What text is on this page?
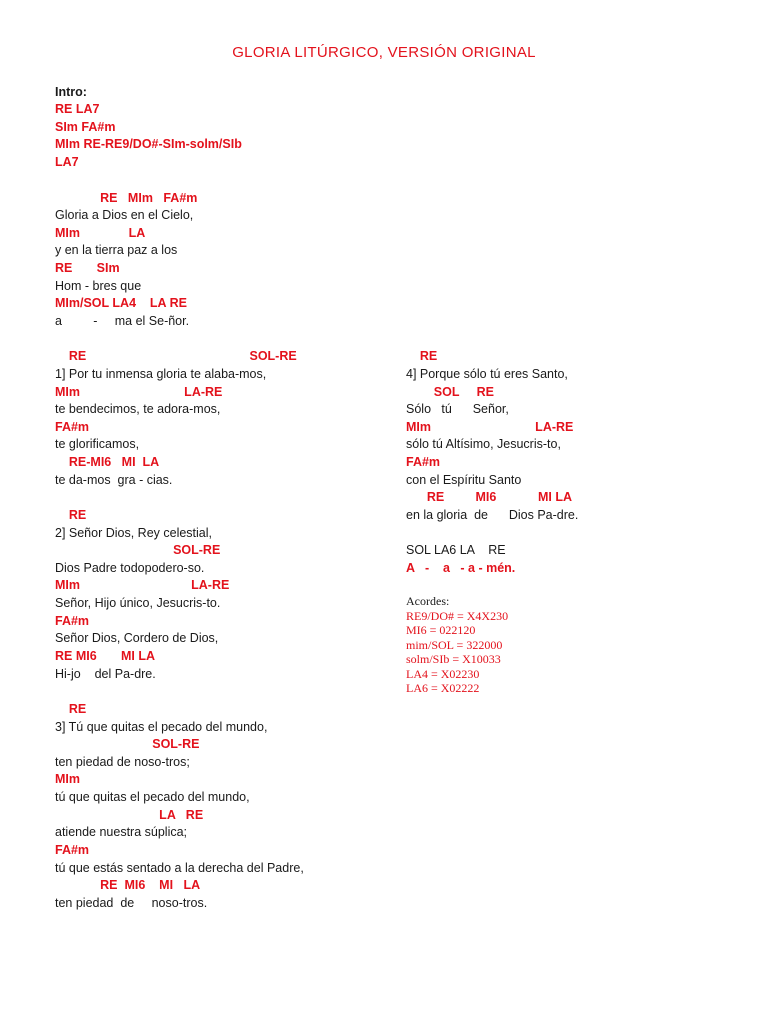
GLORIA LITÚRGICO, VERSIÓN ORIGINAL
Intro:
RE LA7
SIm FA#m
MIm RE-RE9/DO#-SIm-solm/SIb
LA7
RE   MIm   FA#m
Gloria a Dios en el Cielo,
MIm              LA
y en la tierra paz a los
RE       SIm
Hom - bres que
MIm/SOL LA4    LA RE
a         -     ma el Se-ñor.
RE                                               SOL-RE
1] Por tu inmensa gloria te alaba-mos,
MIm                              LA-RE
te bendecimos, te adora-mos,
FA#m
te glorificamos,
RE-MI6   MI  LA
te da-mos  gra - cias.
RE
2] Señor Dios, Rey celestial,
SOL-RE
Dios Padre todopodero-so.
MIm                                LA-RE
Señor, Hijo único, Jesucris-to.
FA#m
Señor Dios, Cordero de Dios,
RE MI6       MI LA
Hi-jo    del Pa-dre.
RE
3] Tú que quitas el pecado del mundo,
SOL-RE
ten piedad de noso-tros;
MIm
tú que quitas el pecado del mundo,
LA   RE
atiende nuestra súplica;
FA#m
tú que estás sentado a la derecha del Padre,
RE  MI6    MI   LA
ten piedad  de     noso-tros.
RE
4] Porque sólo tú eres Santo,
SOL     RE
Sólo   tú      Señor,
MIm                              LA-RE
sólo tú Altísimo, Jesucris-to,
FA#m
con el Espíritu Santo
RE         MI6            MI LA
en la gloria  de      Dios Pa-dre.
SOL LA6 LA    RE
A   -    a   - a - mén.
Acordes:
RE9/DO# = X4X230
MI6 = 022120
mim/SOL = 322000
solm/SIb = X10033
LA4 = X02230
LA6 = X02222
